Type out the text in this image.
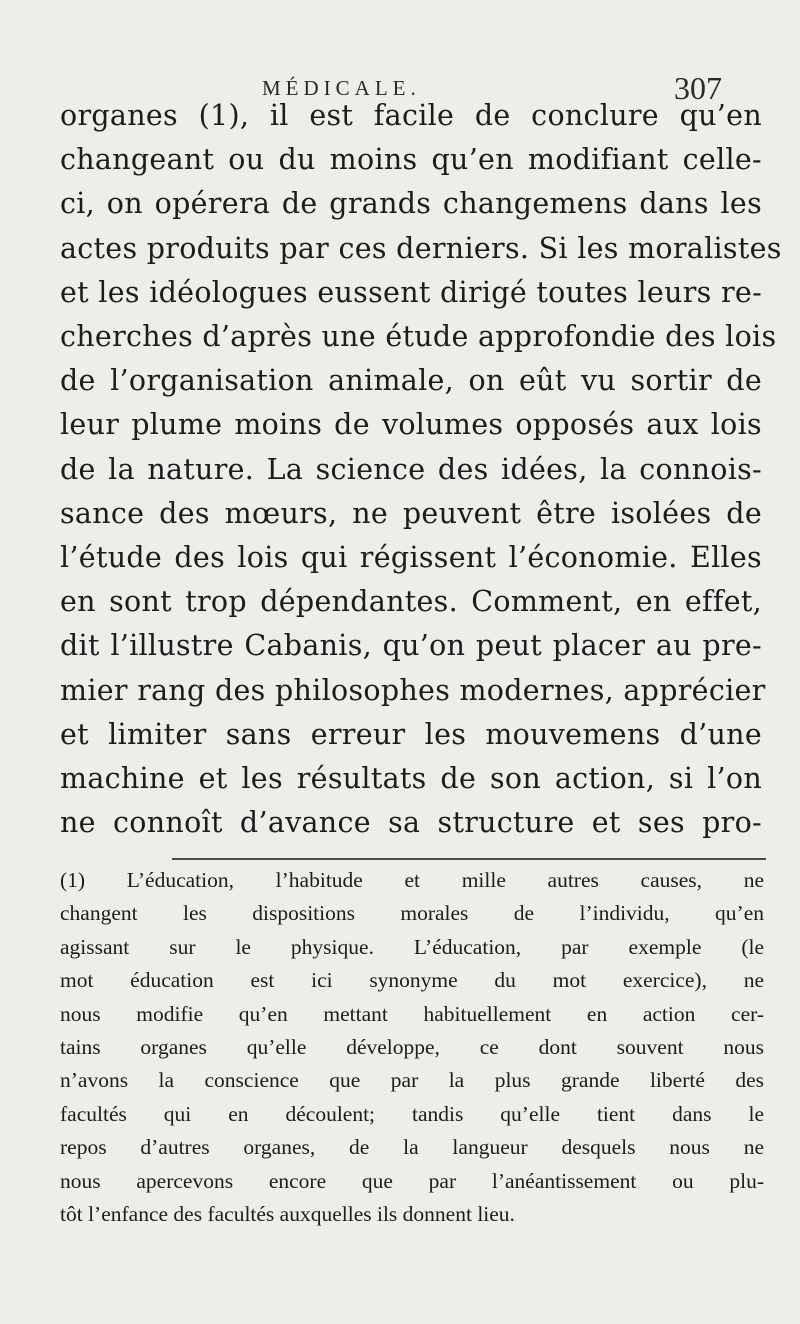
MÉDICALE.	307
organes (1), il est facile de conclure qu’en
changeant ou du moins qu’en modifiant celle-
ci, on opérera de grands changemens dans les
actes produits par ces derniers. Si les moralistes
et les idéologues eussent dirigé toutes leurs re-
cherches d’après une étude approfondie des lois
de l’organisation animale, on eût vu sortir de
leur plume moins de volumes opposés aux lois
de la nature. La science des idées, la connois-
sance des mœurs, ne peuvent être isolées de
l’étude des lois qui régissent l’économie. Elles
en sont trop dépendantes. Comment, en effet,
dit l’illustre Cabanis, qu’on peut placer au pre-
mier rang des philosophes modernes, apprécier
et limiter sans erreur les mouvemens d’une
machine et les résultats de son action, si l’on
ne connoît d’avance sa structure et ses pro-
(1) L’éducation, l’habitude et mille autres causes, ne
changent les dispositions morales de l’individu, qu’en
agissant sur le physique. L’éducation, par exemple (le
mot éducation est ici synonyme du mot exercice), ne
nous modifie qu’en mettant habituellement en action cer-
tains organes qu’elle développe, ce dont souvent nous
n’avons la conscience que par la plus grande liberté des
facultés qui en découlent; tandis qu’elle tient dans le
repos d’autres organes, de la langueur desquels nous ne
nous apercevons encore que par l’anéantissement ou plu-
tôt l’enfance des facultés auxquelles ils donnent lieu.
